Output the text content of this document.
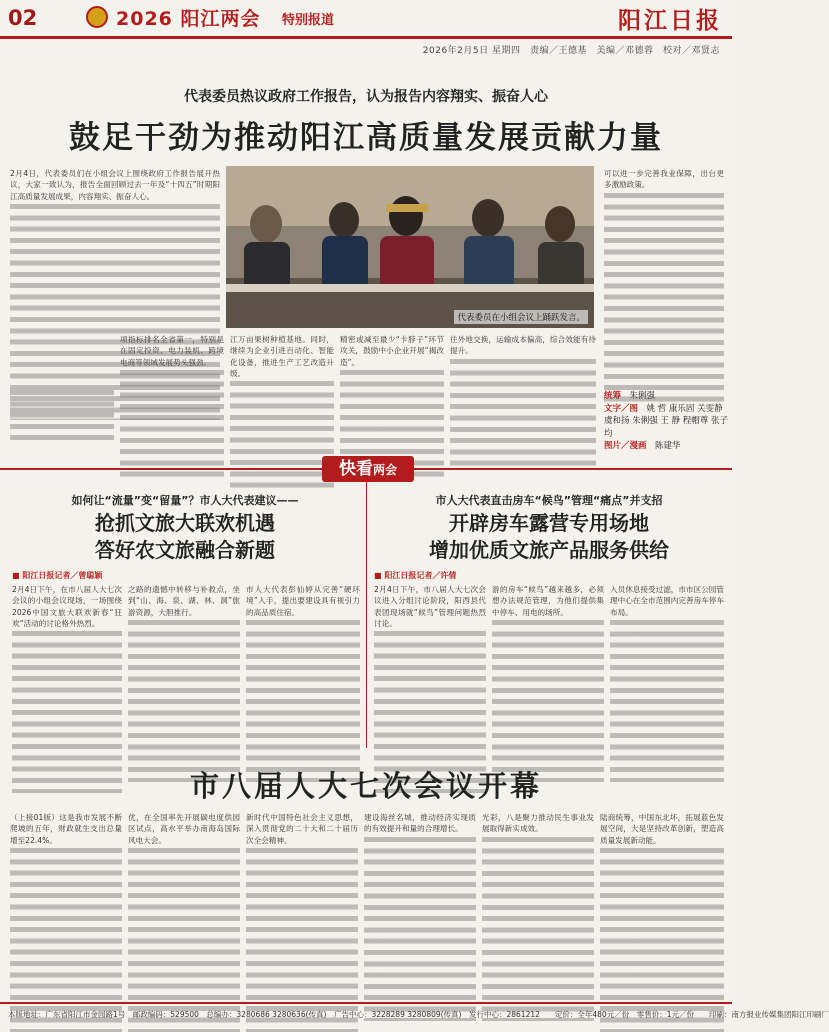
02	2026 阳江两会 特别报道	阳江日报
2026年2月5日 星期四　责编／王德基　美编／邓德蓉　校对／邓贤志
代表委员热议政府工作报告，认为报告内容翔实、振奋人心
鼓足干劲为推动阳江高质量发展贡献力量
2月4日，代表委员们在小组会议上围绕政府工作报告展开热议，大家一致认为，报告全面回顾过去一年及“十四五”时期阳江高质量发展成果，内容翔实、振奋人心。
项指标排名全省第一，特别是在固定投资、电力装机、跨境电商等领域发展势头强劲。
江万亩果树种植基地。同时，继续为企业引进百动化、智能化设备，推进生产工艺改造升级。
精密或减至最少“卡脖子”环节攻关，鼓励中小企业开展“揭改造”。
往外地交换，运输成本偏高，综合效能有待提升。
可以进一步完善我业保障，出台更多激励政策。
代表委员在小组会议上踊跃发言。
统筹　 朱俐强
文字／图　 姚 哲 康乐固 关雯静 虞和扬 朱俐强 王 静 程帽尊 张子均
图片／漫画　 陈建华
快看两会
如何让“流量”变“留量”？市人大代表建议——
抢抓文旅大联欢机遇
答好农文旅融合新题
■ 阳江日报记者／曾聪颖
2月4日下午，在市八届人大七次会议的小组会议现场，一场围绕2026中国文旅大联欢新春“狂欢”活动的讨论格外热烈。
之路的遗憾中转移与补救点，坐到“山、海、泉、湖、林、洞”旅游资源，大胆推行。
市人大代表彭仙婷从完善“硬环境”入手，提出要建设具有视引力的高品质住宿。
市人大代表直击房车“候鸟”管理“痛点”并支招
开辟房车露营专用场地
增加优质文旅产品服务供给
■ 阳江日报记者／许倩
2月4日下午，市八届人大七次会议进入分组讨论阶段，阳西县代表团现场就“候鸟”管理问题热烈讨论。
游的房车“候鸟”越来越多，必须想办法规范管理，为他们提供集中停车、用电的场所。
入员休息接受过滤，市市区公园管理中心在全市范围内完善房车停车布局。
市八届人大七次会议开幕
（上接01版）这是我市发展不断爬坡的五年，财政就生支出总量增至22.4%。
优，在全国率先开展碳电度供园区试点，高水平举办南海岛国际风电大会。
新时代中国特色社会主义思想，深入贯彻党的二十大和二十届历次全会精神。
建设海丝名城，推动经济实现质的有效提升和量的合理增长。
光彩，八是聚力推动民生事业发展取得新实成效。
陆商统筹，中国东北坏，拓展蓝色发展空间，大是坚持改革创新，塑造高质量发展新动能。
本版地址：广东省阳江市金园路1号　邮政编码：529500　总编办：3280686 3280636(传真)　广告中心：3228289 3280809(传真)　发行中心：2861212　　定价：全年480元／份　零售价：1元／份　　印刷：南方报业传媒集团阳江印刷厂
